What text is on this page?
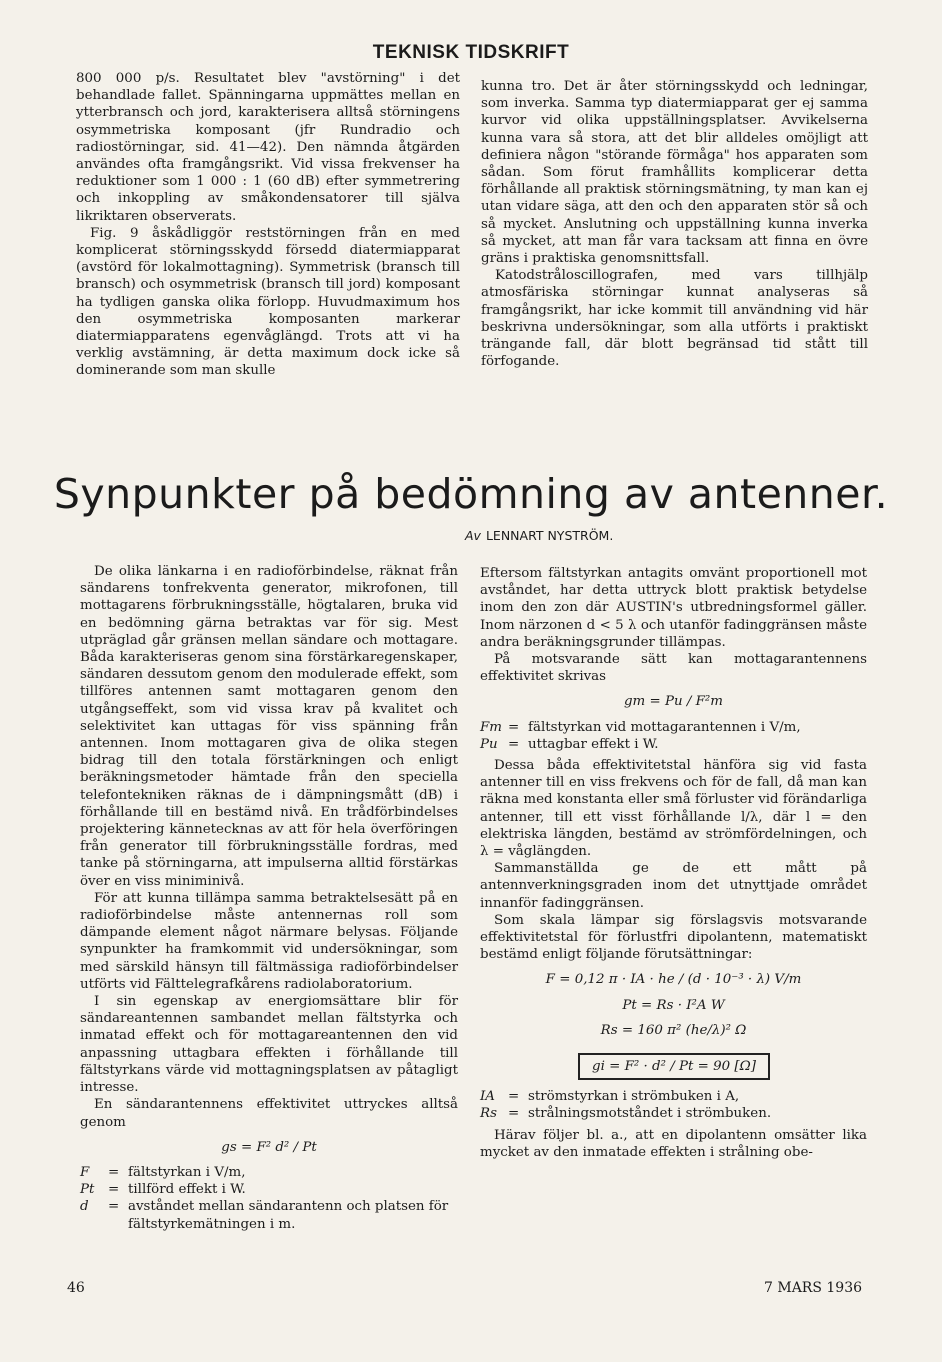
TEKNISK TIDSKRIFT

800 000 p/s. Resultatet blev "avstörning" i det behandlade fallet. Spänningarna uppmättes mellan en ytterbransch och jord, karakterisera alltså störningens osymmetriska komposant (jfr Rundradio och radiostörningar, sid. 41—42). Den nämnda åtgärden användes ofta framgångsrikt. Vid vissa frekvenser ha reduktioner som 1 000 : 1 (60 dB) efter symmetrering och inkoppling av småkondensatorer till själva likriktaren observerats.

Fig. 9 åskådliggör reststörningen från en med komplicerat störningsskydd försedd diatermiapparat (avstörd för lokalmottagning). Symmetrisk (bransch till bransch) och osymmetrisk (bransch till jord) komposant ha tydligen ganska olika förlopp. Huvudmaximum hos den osymmetriska komposanten markerar diatermiapparatens egenvåglängd. Trots att vi ha verklig avstämning, är detta maximum dock icke så dominerande som man skulle

kunna tro. Det är åter störningsskydd och ledningar, som inverka. Samma typ diatermiapparat ger ej samma kurvor vid olika uppställningsplatser. Avvikelserna kunna vara så stora, att det blir alldeles omöjligt att definiera någon "störande förmåga" hos apparaten som sådan. Som förut framhållits komplicerar detta förhållande all praktisk störningsmätning, ty man kan ej utan vidare säga, att den och den apparaten stör så och så mycket. Anslutning och uppställning kunna inverka så mycket, att man får vara tacksam att finna en övre gräns i praktiska genomsnittsfall.

Katodstråloscillografen, med vars tillhjälp atmosfäriska störningar kunnat analyseras så framgångsrikt, har icke kommit till användning vid här beskrivna undersökningar, som alla utförts i praktiskt trängande fall, där blott begränsad tid stått till förfogande.

Synpunkter på bedömning av antenner.
Av LENNART NYSTRÖM.

De olika länkarna i en radioförbindelse, räknat från sändarens tonfrekventa generator, mikrofonen, till mottagarens förbrukningsställe, högtalaren, bruka vid en bedömning gärna betraktas var för sig. Mest utpräglad går gränsen mellan sändare och mottagare. Båda karakteriseras genom sina förstärkaregenskaper, sändaren dessutom genom den modulerade effekt, som tillföres antennen samt mottagaren genom den utgångseffekt, som vid vissa krav på kvalitet och selektivitet kan uttagas för viss spänning från antennen. Inom mottagaren giva de olika stegen bidrag till den totala förstärkningen och enligt beräkningsmetoder hämtade från den speciella telefontekniken räknas de i dämpningsmått (dB) i förhållande till en bestämd nivå. En trådförbindelses projektering kännetecknas av att för hela överföringen från generator till förbrukningsställe fordras, med tanke på störningarna, att impulserna alltid förstärkas över en viss miniminivå.

För att kunna tillämpa samma betraktelsesätt på en radioförbindelse måste antennernas roll som dämpande element något närmare belysas. Följande synpunkter ha framkommit vid undersökningar, som med särskild hänsyn till fältmässiga radioförbindelser utförts vid Fälttelegrafkårens radiolaboratorium.

I sin egenskap av energiomsättare blir för sändareantennen sambandet mellan fältstyrka och inmatad effekt och för mottagareantennen den vid anpassning uttagbara effekten i förhållande till fältstyrkans värde vid mottagningsplatsen av påtagligt intresse.

En sändarantennens effektivitet uttryckes alltså genom

gs = F² d² / Pt
F	= fältstyrkan i V/m,
Pt	= tillförd effekt i W.
d	= avståndet mellan sändarantenn och platsen för fältstyrkemätningen i m.

Eftersom fältstyrkan antagits omvänt proportionell mot avståndet, har detta uttryck blott praktisk betydelse inom den zon där AUSTIN's utbredningsformel gäller. Inom närzonen d < 5 λ och utanför fadinggränsen måste andra beräkningsgrunder tillämpas.

På motsvarande sätt kan mottagarantennens effektivitet skrivas

gm = Pu / F²m
Fm = fältstyrkan vid mottagarantennen i V/m,
Pu = uttagbar effekt i W.

Dessa båda effektivitetstal hänföra sig vid fasta antenner till en viss frekvens och för de fall, då man kan räkna med konstanta eller små förluster vid förändarliga antenner, till ett visst förhållande l/λ, där l = den elektriska längden, bestämd av strömfördelningen, och λ = våglängden.

Sammanställda ge de ett mått på antennverkningsgraden inom det utnyttjade området innanför fadinggränsen.

Som skala lämpar sig förslagsvis motsvarande effektivitetstal för förlustfri dipolantenn, matematiskt bestämd enligt följande förutsättningar:

F = 0,12 π · IA · he / (d · 10⁻³ · λ) V/m
Pt = Rs · I²A W
Rs = 160 π² (he/λ)² Ω
gi = F² · d² / Pt = 90 [Ω]
IA = strömstyrkan i strömbuken i A,
Rs = strålningsmotståndet i strömbuken.

Härav följer bl. a., att en dipolantenn omsätter lika mycket av den inmatade effekten i strålning obe-

46	7 MARS 1936
